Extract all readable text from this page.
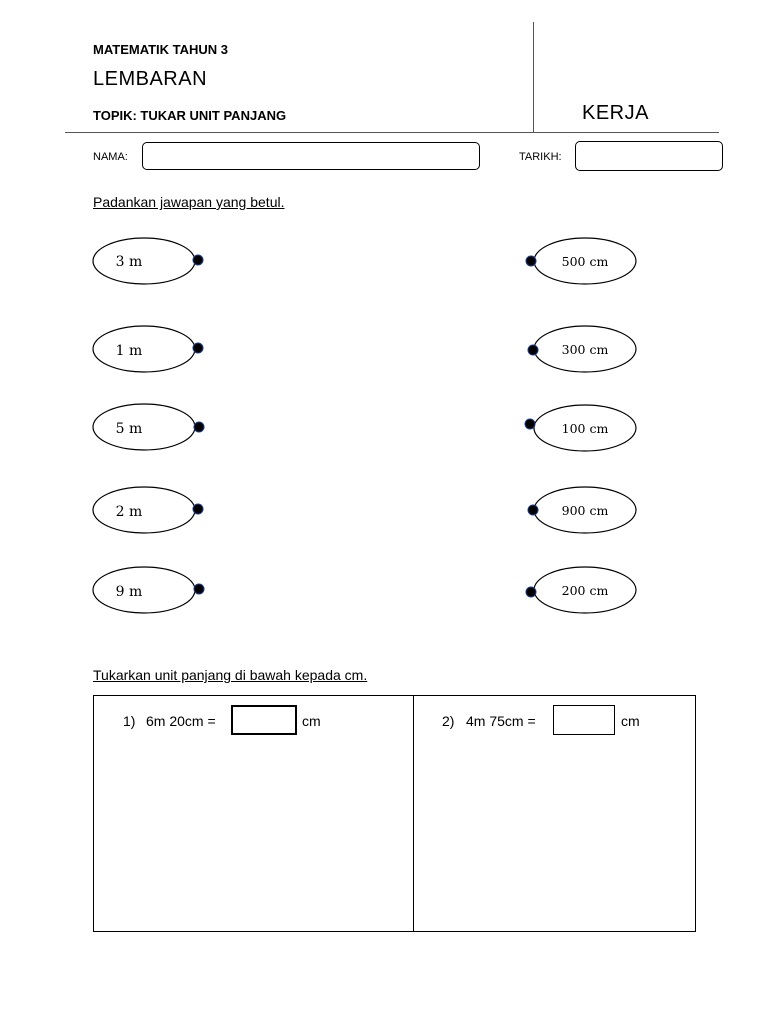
MATEMATIK TAHUN 3
LEMBARAN
TOPIK: TUKAR UNIT PANJANG	KERJA
NAMA:	TARIKH:
Padankan jawapan yang betul.
3 m
1 m
5 m
2 m
9 m
500 cm
300 cm
100 cm
900 cm
200 cm
Tukarkan unit panjang di bawah kepada cm.
1) 6m 20cm =	cm	2) 4m 75cm =	cm
